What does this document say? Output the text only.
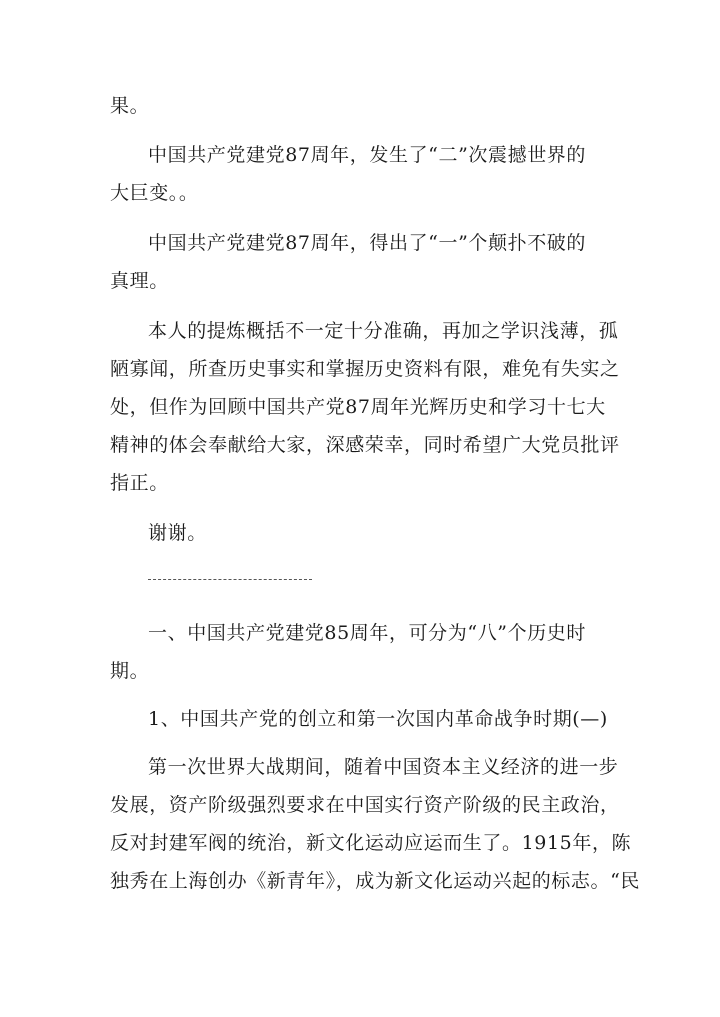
果。
中国共产党建党87周年，发生了“二”次震撼世界的
大巨变。。
中国共产党建党87周年，得出了“一”个颠扑不破的
真理。
本人的提炼概括不一定十分准确，再加之学识浅薄，孤
陋寡闻，所查历史事实和掌握历史资料有限，难免有失实之
处，但作为回顾中国共产党87周年光辉历史和学习十七大
精神的体会奉献给大家，深感荣幸，同时希望广大党员批评
指正。
谢谢。
一、中国共产党建党85周年，可分为“八”个历史时
期。
1、中国共产党的创立和第一次国内革命战争时期(—)
第一次世界大战期间，随着中国资本主义经济的进一步
发展，资产阶级强烈要求在中国实行资产阶级的民主政治，
反对封建军阀的统治，新文化运动应运而生了。1915年，陈
独秀在上海创办《新青年》，成为新文化运动兴起的标志。“民
